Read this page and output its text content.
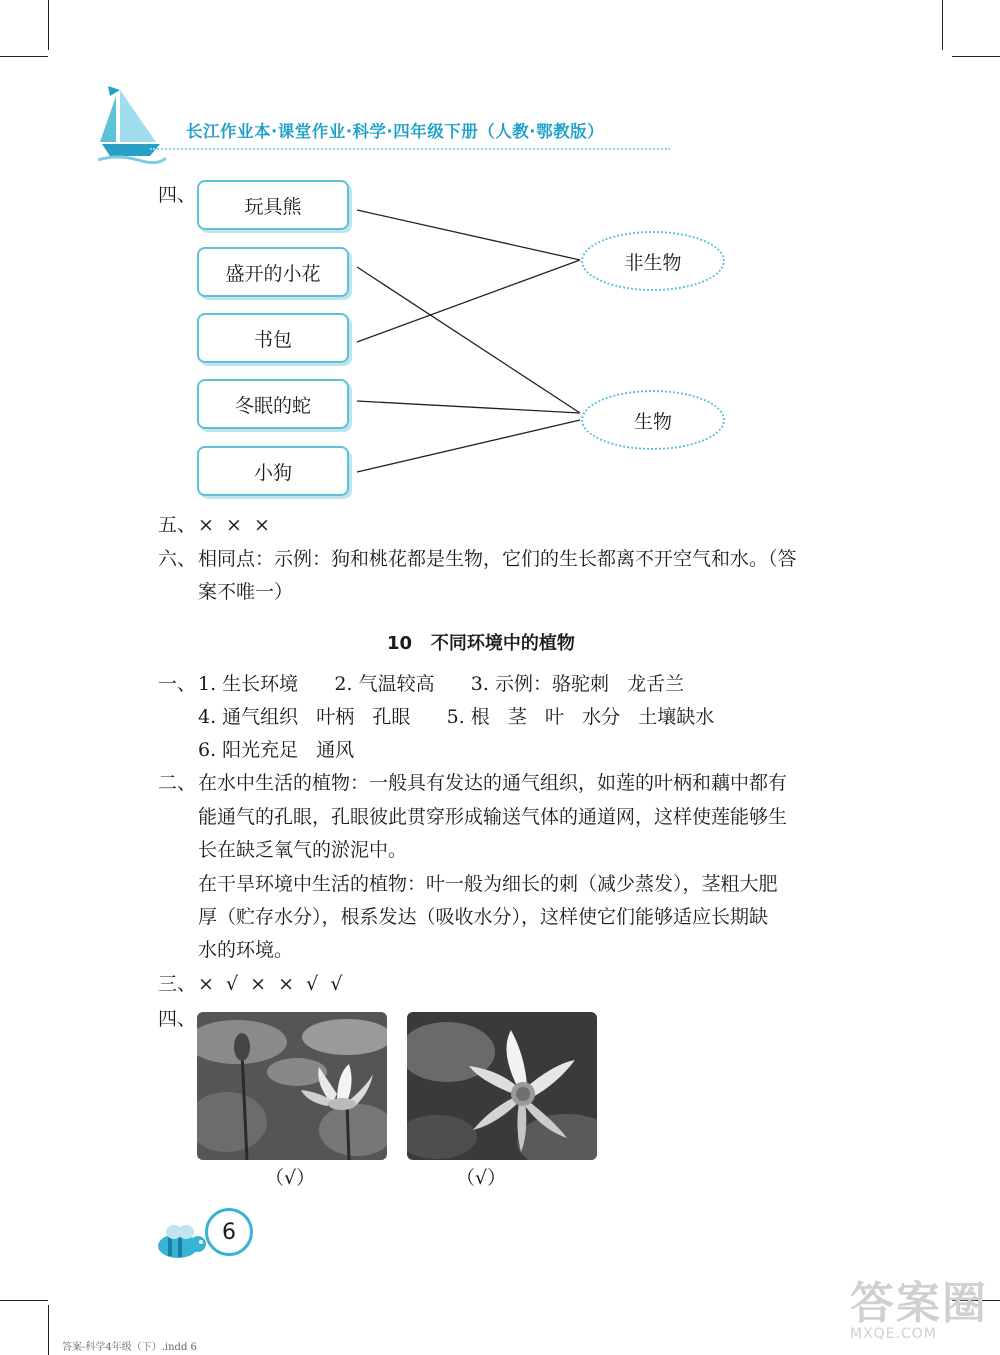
长江作业本·课堂作业·科学·四年级下册（人教·鄂教版）
四、
玩具熊
盛开的小花
书包
冬眠的蛇
小狗
非生物
生物
五、 ×  ×  ×
六、 相同点：示例：狗和桃花都是生物，它们的生长都离不开空气和水。（答
案不唯一）
10 不同环境中的植物
一、 1. 生长环境      2. 气温较高      3. 示例：骆驼刺   龙舌兰
4. 通气组织   叶柄   孔眼      5. 根   茎   叶   水分   土壤缺水
6. 阳光充足   通风
二、 在水中生活的植物：一般具有发达的通气组织，如莲的叶柄和藕中都有
能通气的孔眼，孔眼彼此贯穿形成输送气体的通道网，这样使莲能够生
长在缺乏氧气的淤泥中。
在干旱环境中生活的植物：叶一般为细长的刺（减少蒸发），茎粗大肥
厚（贮存水分），根系发达（吸收水分），这样使它们能够适应长期缺
水的环境。
三、 ×  √  ×  ×  √  √
四、
（√）	（√）
6
答案-科学4年级（下）.indd 6
答案圈
MXQE.COM
